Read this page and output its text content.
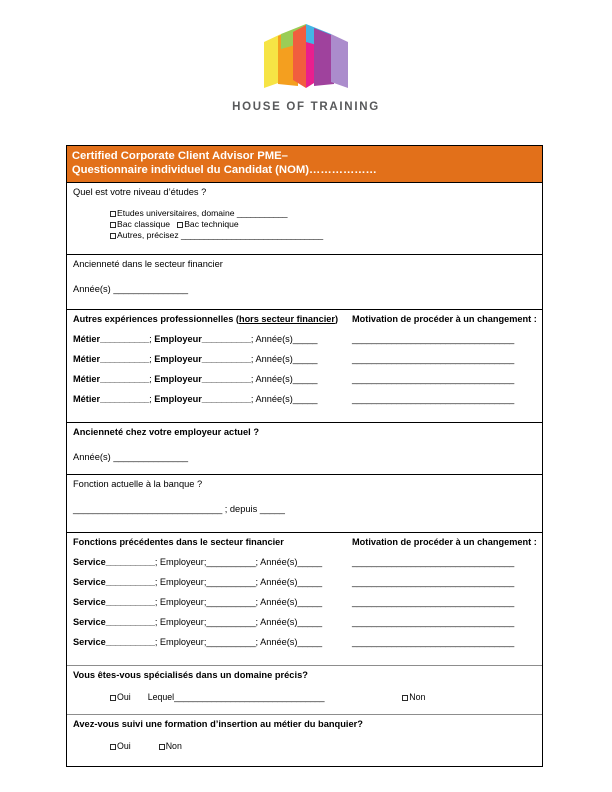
HOUSE OF TRAINING
Certified Corporate Client Advisor PME–
Questionnaire individuel du Candidat (NOM)………………
Quel est votre niveau d’études ?
Etudes universitaires, domaine ___________
Bac classique Bac technique
Autres, précisez _______________________________
Ancienneté dans le secteur financier
Année(s) _______________
Autres expériences professionnelles (hors secteur financier)	Motivation de procéder à un changement :
Métier__________; Employeur__________; Année(s)_____	_________________________________
Métier__________; Employeur__________; Année(s)_____	_________________________________
Métier__________; Employeur__________; Année(s)_____	_________________________________
Métier__________; Employeur__________; Année(s)_____	_________________________________
Ancienneté chez votre employeur actuel ?
Année(s) _______________
Fonction actuelle à la banque ?
______________________________ ; depuis _____
Fonctions précédentes dans le secteur financier	Motivation de procéder à un changement :
Service__________; Employeur;__________; Année(s)_____	_________________________________
Service__________; Employeur;__________; Année(s)_____	_________________________________
Service__________; Employeur;__________; Année(s)_____	_________________________________
Service__________; Employeur;__________; Année(s)_____	_________________________________
Service__________; Employeur;__________; Année(s)_____	_________________________________
Vous êtes-vous spécialisés dans un domaine précis?
Oui Lequel________________________________	Non
Avez-vous suivi une formation d’insertion au métier du banquier?
Oui	Non
